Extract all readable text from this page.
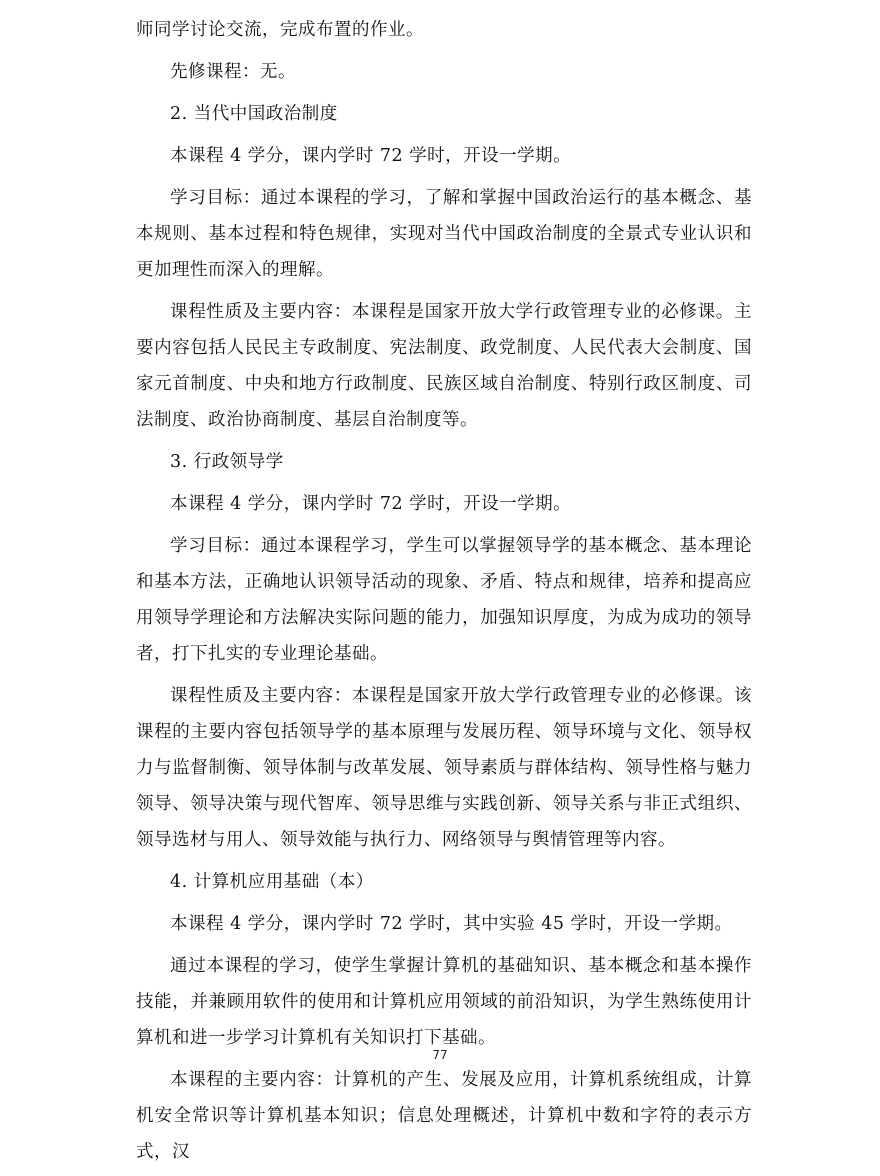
师同学讨论交流，完成布置的作业。

先修课程：无。

2. 当代中国政治制度

本课程 4 学分，课内学时 72 学时，开设一学期。

学习目标：通过本课程的学习，了解和掌握中国政治运行的基本概念、基本规则、基本过程和特色规律，实现对当代中国政治制度的全景式专业认识和更加理性而深入的理解。

课程性质及主要内容：本课程是国家开放大学行政管理专业的必修课。主要内容包括人民民主专政制度、宪法制度、政党制度、人民代表大会制度、国家元首制度、中央和地方行政制度、民族区域自治制度、特别行政区制度、司法制度、政治协商制度、基层自治制度等。

3. 行政领导学

本课程 4 学分，课内学时 72 学时，开设一学期。

学习目标：通过本课程学习，学生可以掌握领导学的基本概念、基本理论和基本方法，正确地认识领导活动的现象、矛盾、特点和规律，培养和提高应用领导学理论和方法解决实际问题的能力，加强知识厚度，为成为成功的领导者，打下扎实的专业理论基础。

课程性质及主要内容：本课程是国家开放大学行政管理专业的必修课。该课程的主要内容包括领导学的基本原理与发展历程、领导环境与文化、领导权力与监督制衡、领导体制与改革发展、领导素质与群体结构、领导性格与魅力领导、领导决策与现代智库、领导思维与实践创新、领导关系与非正式组织、领导选材与用人、领导效能与执行力、网络领导与舆情管理等内容。

4. 计算机应用基础（本）

本课程 4 学分，课内学时 72 学时，其中实验 45 学时，开设一学期。

通过本课程的学习，使学生掌握计算机的基础知识、基本概念和基本操作技能，并兼顾用软件的使用和计算机应用领域的前沿知识，为学生熟练使用计算机和进一步学习计算机有关知识打下基础。

本课程的主要内容：计算机的产生、发展及应用，计算机系统组成，计算机安全常识等计算机基本知识；信息处理概述，计算机中数和字符的表示方式，汉

77
